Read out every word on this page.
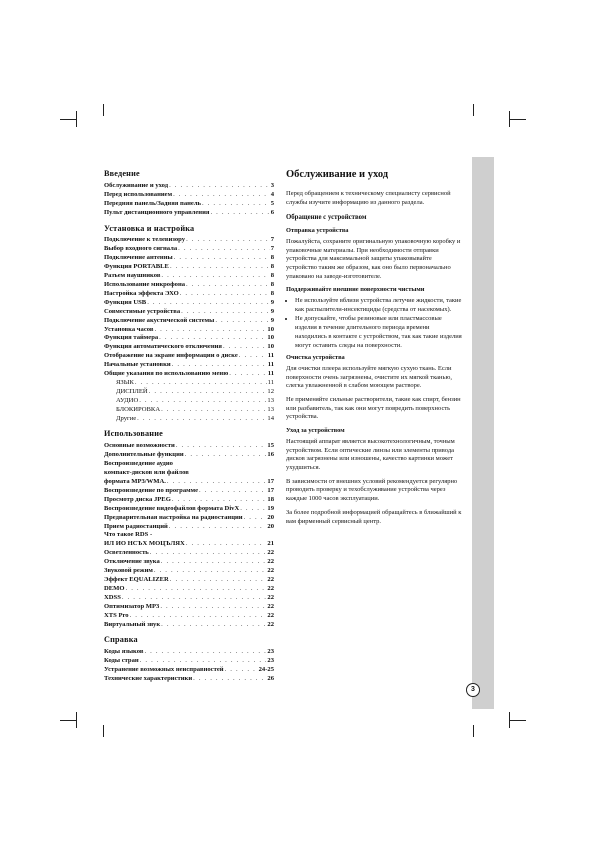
3
Введение
Обслуживание и уход . . .	3
Перед использованием . . .	4
Передняя панель/Задняя панель . . .	5
Пульт дистанционного управления . . .	6
Установка и настройка
Подключение к телевизору . . .	7
Выбор входного сигнала . . .	7
Подключение антенны . . .	8
Функция PORTABLE . . .	8
Разъем наушников . . .	8
Использование микрофона . . .	8
Настройка эффекта ЭХО . . .	8
Функция USB . . .	9
Совместимые устройства . . .	9
Подключение акустической системы . . .	9
Установка часов . . .	10
Функция таймера . . .	10
Функция автоматического отключения . . .	10
Отображение на экране информации о диске . . .	11
Начальные установки . . .	11
Общие указания по использованию меню . . .	11
ЯЗЫК . . .	11
ДИСПЛЕЙ . . .	12
АУДИО . . .	13
БЛОКИРОВКА . . .	13
Другие . . .	14
Использование
Основные возможности . . .	15
Дополнительные функции . . .	16
Воспроизведение аудио
компакт-дисков или файлов
формата MP3/WMA. . . .	17
Воспроизведение по программе . . .	17
Просмотр диска JPEG . . .	18
Воспроизведение видеофайлов формата DivX . . .	19
Предварительная настройка на радиостанции . . .	20
Прием радиостанций . . .	20
Что такое RDS -
ИЛ ИО НСЪХ МОЦЪЛЯХ . . .	21
Осветленность . . .	22
Отключение звука . . .	22
Звуковой режим . . .	22
Эффект EQUALIZER . . .	22
DEMO . . .	22
XDSS . . .	22
Оптимизатор MP3 . . .	22
XTS Pro . . .	22
Виртуальный звук . . .	22
Справка
Коды языков . . .	23
Коды стран . . .	23
Устранение возможных неисправностей . . .	24-25
Технические характеристики . . .	26
Обслуживание и уход

Перед обращением к техническому специалисту сервисной службы изучите информацию из данного раздела.

Обращение с устройством
Отправка устройства

Пожалуйста, сохраните оригинальную упаковочную коробку и упаковочные материалы. При необходимости отправки устройства для максимальной защиты упаковывайте устройство таким же образом, как оно было первоначально упаковано на заводе-изготовителе.

Поддерживайте внешние поверхности чистыми
• Не используйте вблизи устройства летучие жидкости, такие как распылители-инсектициды (средства от насекомых).
• Не допускайте, чтобы резиновые или пластмассовые изделия в течение длительного периода времени находились в контакте с устройством, так как такие изделия могут оставить следы на поверхности.
Очистка устройства

Для очистки плеера используйте мягкую сухую ткань. Если поверхности очень загрязнены, очистите их мягкой тканью, слегка увлажненной в слабом моющем растворе.

Не применяйте сильные растворители, такие как спирт, бензин или разбавитель, так как они могут повредить поверхность устройства.

Уход за устройством

Настоящий аппарат является высокотехнологичным, точным устройством. Если оптические линзы или элементы привода дисков загрязнены или изношены, качество картинки может ухудшиться.

В зависимости от внешних условий рекомендуется регулярно проводить проверку и техобслуживание устройства через каждые 1000 часов эксплуатации.

За более подробной информацией обращайтесь в ближайший к вам фирменный сервисный центр.
